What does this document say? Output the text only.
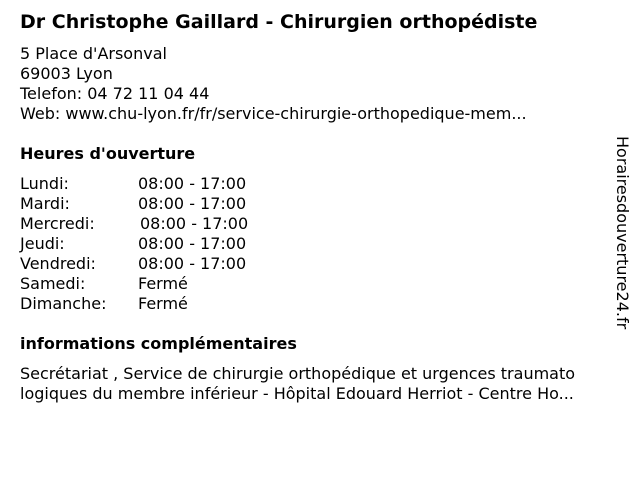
Dr Christophe Gaillard - Chirurgien orthopédiste
5 Place d'Arsonval
69003 Lyon
Telefon: 04 72 11 04 44
Web: www.chu-lyon.fr/fr/service-chirurgie-orthopedique-mem...
Heures d'ouverture
Lundi:	08:00 - 17:00
Mardi:	08:00 - 17:00
Mercredi:	08:00 - 17:00
Jeudi:	08:00 - 17:00
Vendredi:	08:00 - 17:00
Samedi:	Fermé
Dimanche: Fermé
informations complémentaires
Secrétariat , Service de chirurgie orthopédique et urgences traumato
logiques du membre inférieur - Hôpital Edouard Herriot - Centre Ho...
Horairesdouverture24.fr
